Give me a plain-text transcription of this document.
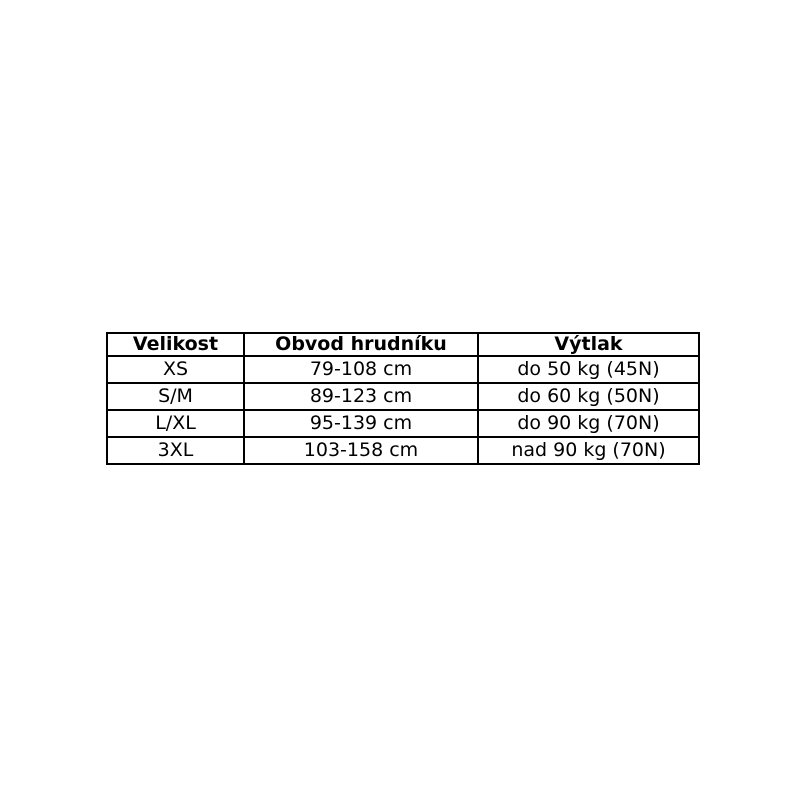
Velikost	Obvod hrudníku	Výtlak
XS	79-108 cm	do 50 kg (45N)
S/M	89-123 cm	do 60 kg (50N)
L/XL	95-139 cm	do 90 kg (70N)
3XL	103-158 cm	nad 90 kg (70N)
